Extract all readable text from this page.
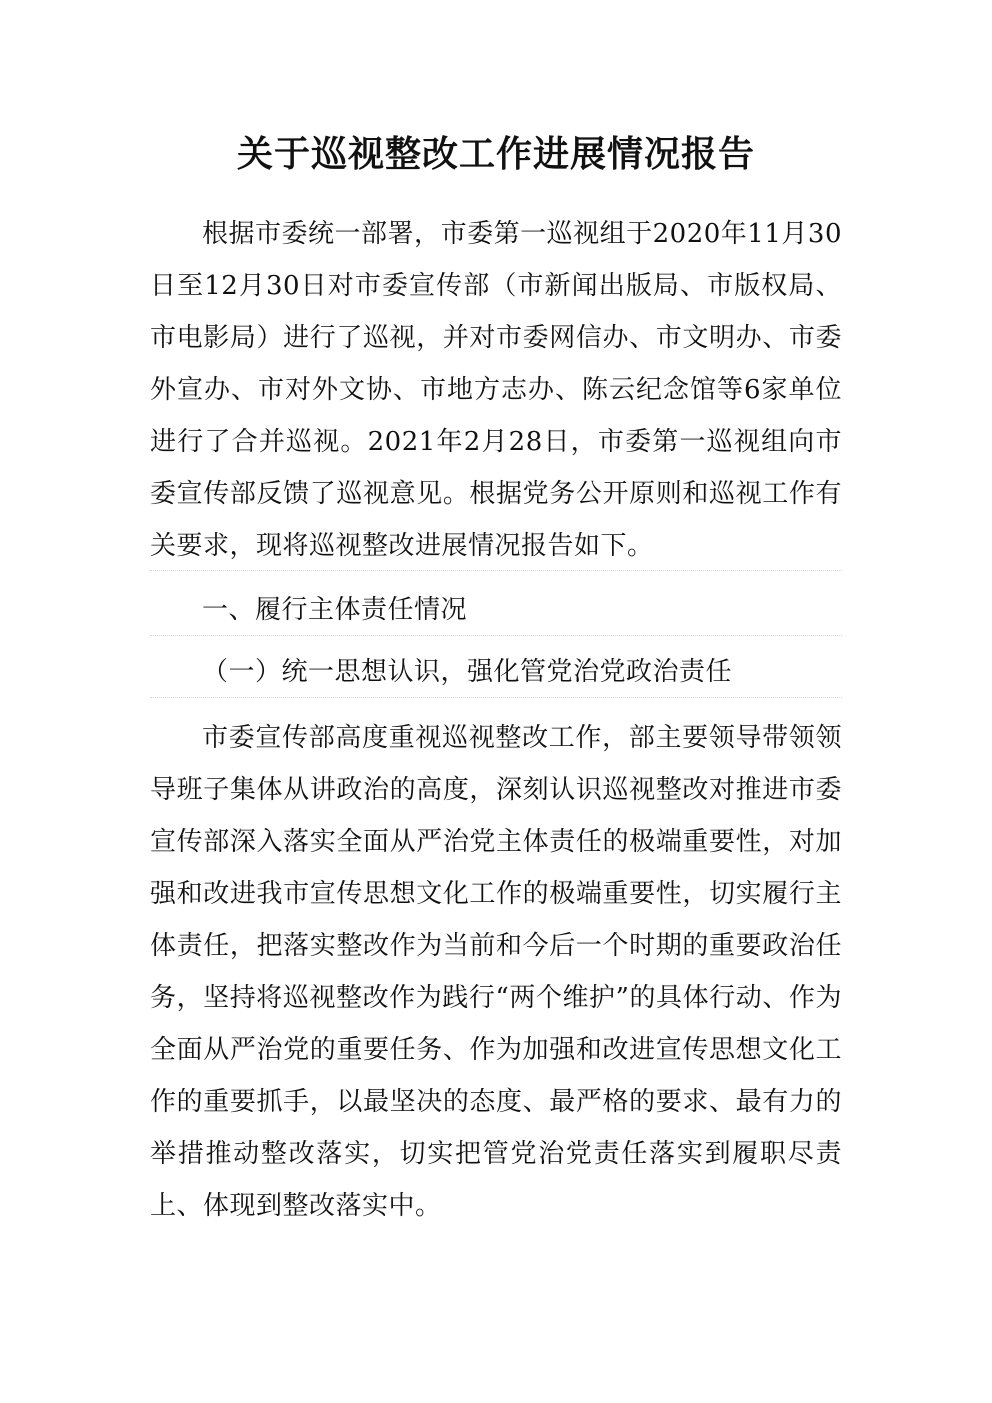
关于巡视整改工作进展情况报告

根据市委统一部署，市委第一巡视组于2020年11月30日至12月30日对市委宣传部（市新闻出版局、市版权局、市电影局）进行了巡视，并对市委网信办、市文明办、市委外宣办、市对外文协、市地方志办、陈云纪念馆等6家单位进行了合并巡视。2021年2月28日，市委第一巡视组向市委宣传部反馈了巡视意见。根据党务公开原则和巡视工作有关要求，现将巡视整改进展情况报告如下。

一、履行主体责任情况

（一）统一思想认识，强化管党治党政治责任

市委宣传部高度重视巡视整改工作，部主要领导带领领导班子集体从讲政治的高度，深刻认识巡视整改对推进市委宣传部深入落实全面从严治党主体责任的极端重要性，对加强和改进我市宣传思想文化工作的极端重要性，切实履行主体责任，把落实整改作为当前和今后一个时期的重要政治任务，坚持将巡视整改作为践行“两个维护”的具体行动、作为全面从严治党的重要任务、作为加强和改进宣传思想文化工作的重要抓手，以最坚决的态度、最严格的要求、最有力的举措推动整改落实，切实把管党治党责任落实到履职尽责上、体现到整改落实中。
